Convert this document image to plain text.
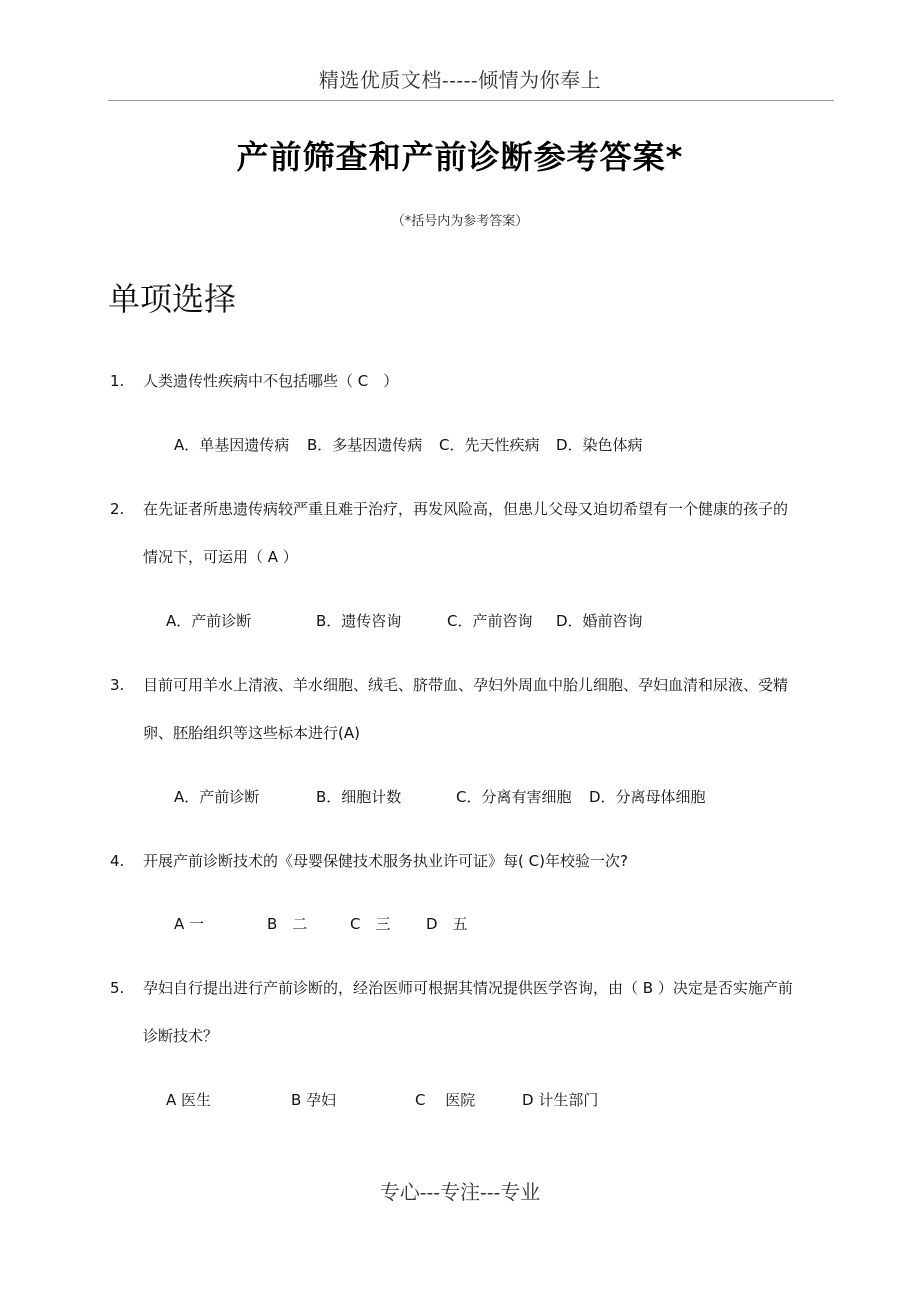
精选优质文档-----倾情为你奉上
产前筛查和产前诊断参考答案*
（*括号内为参考答案）
单项选择
1. 人类遗传性疾病中不包括哪些（ C　）
A．单基因遗传病 B．多基因遗传病 C．先天性疾病 D．染色体病
2. 在先证者所患遗传病较严重且难于治疗，再发风险高，但患儿父母又迫切希望有一个健康的孩子的
情况下，可运用（ A ）
A．产前诊断	B．遗传咨询	C．产前咨询 D．婚前咨询
3. 目前可用羊水上清液、羊水细胞、绒毛、脐带血、孕妇外周血中胎儿细胞、孕妇血清和尿液、受精
卵、胚胎组织等这些标本进行(A)
A．产前诊断	B．细胞计数	C．分离有害细胞 D．分离母体细胞
4. 开展产前诊断技术的《母婴保健技术服务执业许可证》每( C)年校验一次?
A 一	B　二	C　三 D　五
5. 孕妇自行提出进行产前诊断的，经治医师可根据其情况提供医学咨询，由（ B ）决定是否实施产前
诊断技术？
A 医生	B 孕妇	C　 医院	D 计生部门
专心---专注---专业
